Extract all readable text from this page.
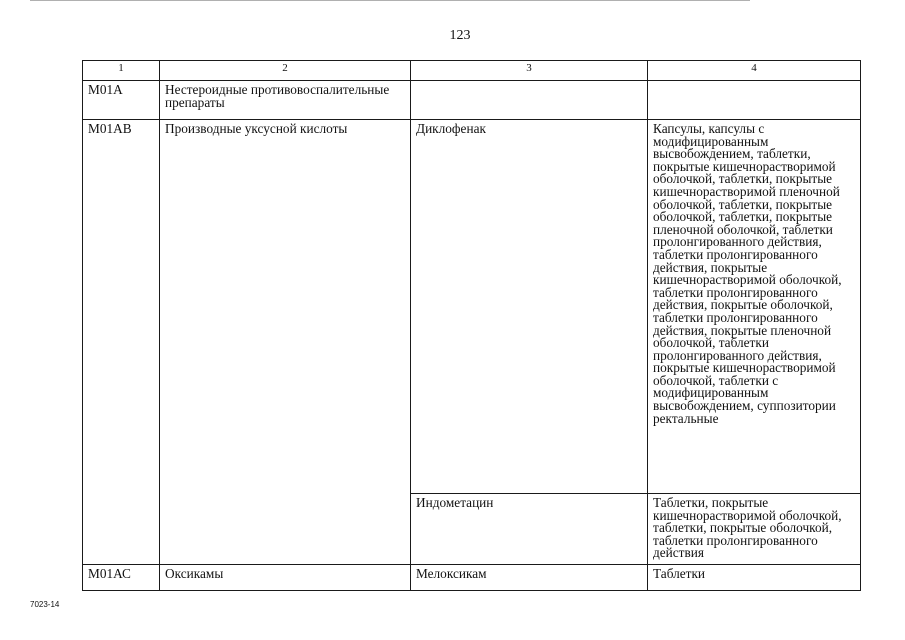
123
1	2	3	4
М01А	Нестероидные противовоспалительные препараты		
М01АВ	Производные уксусной кислоты	Диклофенак	Капсулы, капсулы с модифицированным высвобождением, таблетки, покрытые кишечнорастворимой оболочкой, таблетки, покрытые кишечнорастворимой пленочной оболочкой, таблетки, покрытые оболочкой, таблетки, покрытые пленочной оболочкой, таблетки пролонгированного действия, таблетки пролонгированного действия, покрытые кишечнорастворимой оболочкой, таблетки пролонгированного действия, покрытые оболочкой, таблетки пролонгированного действия, покрытые пленочной оболочкой, таблетки пролонгированного действия, покрытые кишечнорастворимой оболочкой, таблетки с модифицированным высвобождением, суппозитории ректальные
		Индометацин	Таблетки, покрытые кишечнорастворимой оболочкой, таблетки, покрытые оболочкой, таблетки пролонгированного действия
М01АС	Оксикамы	Мелоксикам	Таблетки
7023-14
